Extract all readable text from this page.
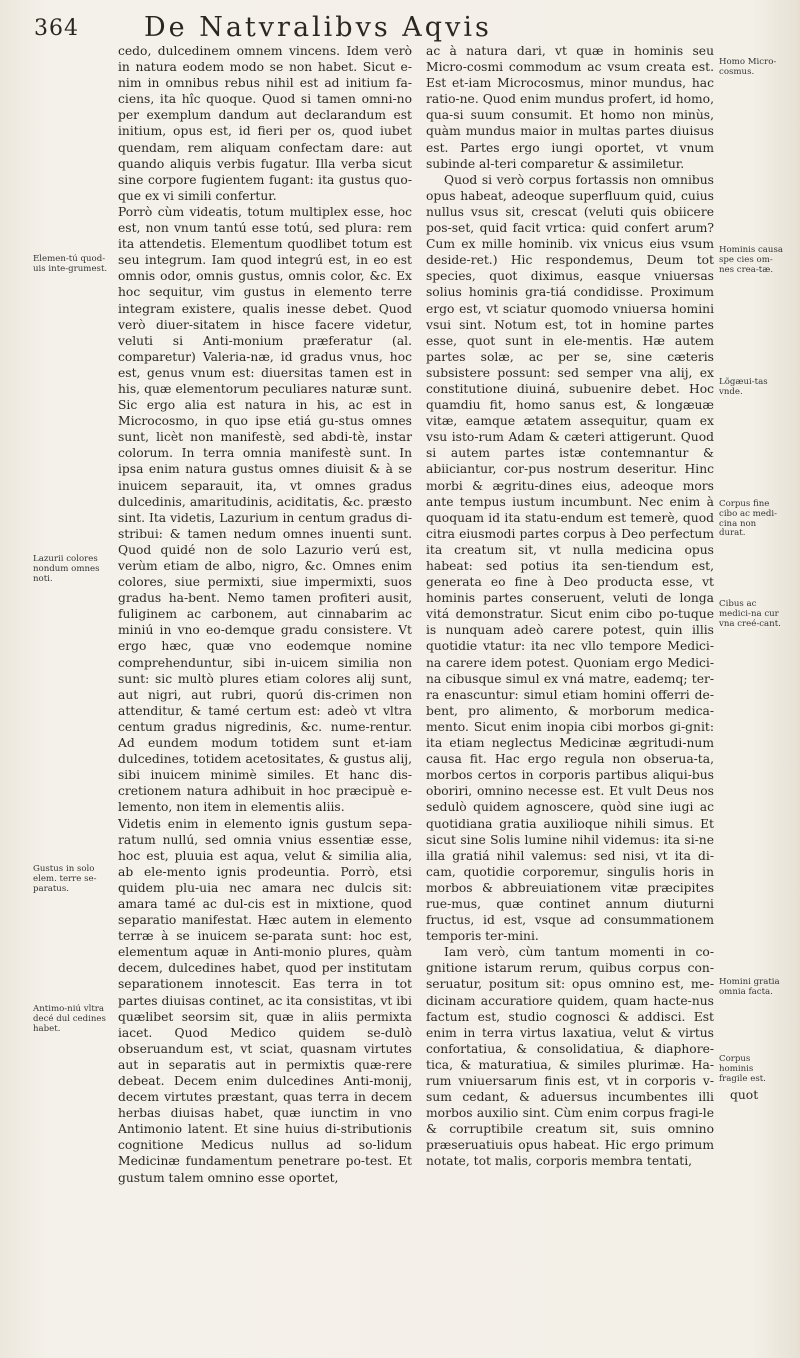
364 De Natvralibvs Aqvis

cedo, dulcedinem omnem vincens. Idem verò in natura eodem modo se non habet. Sicut e-nim in omnibus rebus nihil est ad initium fa-ciens, ita hîc quoque. Quod si tamen omni-no per exemplum dandum aut declarandum est initium, opus est, id fieri per os, quod iubet quendam, rem aliquam confectam dare: aut quando aliquis verbis fugatur. Illa verba sicut sine corpore fugientem fugant: ita gustus quo-que ex vi simili confertur.

Porrò cùm videatis, totum multiplex esse, hoc est, non vnum tantú esse totú, sed plura: rem ita attendetis. Elementum quodlibet totum est seu integrum. Iam quod integrú est, in eo est omnis odor, omnis gustus, omnis color, &c. Ex hoc sequitur, vim gustus in elemento terre integram existere, qualis inesse debet. Quod verò diuer-sitatem in hisce facere videtur, veluti si Anti-monium præferatur (al. comparetur) Valeria-næ, id gradus vnus, hoc est, genus vnum est: diuersitas tamen est in his, quæ elementorum peculiares naturæ sunt. Sic ergo alia est natura in his, ac est in Microcosmo, in quo ipse etiá gu-stus omnes sunt, licèt non manifestè, sed abdi-tè, instar colorum. In terra omnia manifestè sunt. In ipsa enim natura gustus omnes diuisit & à se inuicem separauit, ita, vt omnes gradus dulcedinis, amaritudinis, aciditatis, &c. præsto sint. Ita videtis, Lazurium in centum gradus di-stribui: & tamen nedum omnes inuenti sunt. Quod quidé non de solo Lazurio verú est, verùm etiam de albo, nigro, &c. Omnes enim colores, siue permixti, siue impermixti, suos gradus ha-bent. Nemo tamen profiteri ausit, fuliginem ac carbonem, aut cinnabarim ac miniú in vno eo-demque gradu consistere. Vt ergo hæc, quæ vno eodemque nomine comprehenduntur, sibi in-uicem similia non sunt: sic multò plures etiam colores alij sunt, aut nigri, aut rubri, quorú dis-crimen non attenditur, & tamé certum est: adeò vt vltra centum gradus nigredinis, &c. nume-rentur. Ad eundem modum totidem sunt et-iam dulcedines, totidem acetositates, & gustus alij, sibi inuicem minimè similes. Et hanc dis-cretionem natura adhibuit in hoc præcipuè e-lemento, non item in elementis aliis.

Videtis enim in elemento ignis gustum sepa-ratum nullú, sed omnia vnius essentiæ esse, hoc est, pluuia est aqua, velut & similia alia, ab ele-mento ignis prodeuntia. Porrò, etsi quidem plu-uia nec amara nec dulcis sit: amara tamé ac dul-cis est in mixtione, quod separatio manifestat. Hæc autem in elemento terræ à se inuicem se-parata sunt: hoc est, elementum aquæ in Anti-monio plures, quàm decem, dulcedines habet, quod per institutam separationem innotescit. Eas terra in tot partes diuisas continet, ac ita consistitas, vt ibi quælibet seorsim sit, quæ in aliis permixta iacet. Quod Medico quidem se-dulò obseruandum est, vt sciat, quasnam virtutes aut in separatis aut in permixtis quæ-rere debeat. Decem enim dulcedines Anti-monij, decem virtutes præstant, quas terra in decem herbas diuisas habet, quæ iunctim in vno Antimonio latent. Et sine huius di-stributionis cognitione Medicus nullus ad so-lidum Medicinæ fundamentum penetrare po-test. Et gustum talem omnino esse oportet,

ac à natura dari, vt quæ in hominis seu Micro-cosmi commodum ac vsum creata est. Est et-iam Microcosmus, minor mundus, hac ratio-ne. Quod enim mundus profert, id homo, qua-si suum consumit. Et homo non minùs, quàm mundus maior in multas partes diuisus est. Partes ergo iungi oportet, vt vnum subinde al-teri comparetur & assimiletur.

Quod si verò corpus fortassis non omnibus opus habeat, adeoque superfluum quid, cuius nullus vsus sit, crescat (veluti quis obiicere pos-set, quid facit vrtica: quid confert arum? Cum ex mille hominib. vix vnicus eius vsum deside-ret.) Hic respondemus, Deum tot species, quot diximus, easque vniuersas solius hominis gra-tiá condidisse. Proximum ergo est, vt sciatur quomodo vniuersa homini vsui sint. Notum est, tot in homine partes esse, quot sunt in ele-mentis. Hæ autem partes solæ, ac per se, sine cæteris subsistere possunt: sed semper vna alij, ex constitutione diuiná, subuenire debet. Hoc quamdiu fit, homo sanus est, & longæuæ vitæ, eamque ætatem assequitur, quam ex vsu isto-rum Adam & cæteri attigerunt. Quod si autem partes istæ contemnantur & abiiciantur, cor-pus nostrum deseritur. Hinc morbi & ægritu-dines eius, adeoque mors ante tempus iustum incumbunt. Nec enim à quoquam id ita statu-endum est temerè, quod citra eiusmodi partes corpus à Deo perfectum ita creatum sit, vt nulla medicina opus habeat: sed potius ita sen-tiendum est, generata eo fine à Deo producta esse, vt hominis partes conseruent, veluti de longa vitá demonstratur. Sicut enim cibo po-tuque is nunquam adeò carere potest, quin illis quotidie vtatur: ita nec vllo tempore Medici-na carere idem potest. Quoniam ergo Medici-na cibusque simul ex vná matre, eademq; ter-ra enascuntur: simul etiam homini offerri de-bent, pro alimento, & morborum medica-mento. Sicut enim inopia cibi morbos gi-gnit: ita etiam neglectus Medicinæ ægritudi-num causa fit. Hac ergo regula non obserua-ta, morbos certos in corporis partibus aliqui-bus oboriri, omnino necesse est. Et vult Deus nos sedulò quidem agnoscere, quòd sine iugi ac quotidiana gratia auxilioque nihili simus. Et sicut sine Solis lumine nihil videmus: ita si-ne illa gratiá nihil valemus: sed nisi, vt ita di-cam, quotidie corporemur, singulis horis in morbos & abbreuiationem vitæ præcipites rue-mus, quæ continet annum diuturni fructus, id est, vsque ad consummationem temporis ter-mini.

Iam verò, cùm tantum momenti in co-gnitione istarum rerum, quibus corpus con-seruatur, positum sit: opus omnino est, me-dicinam accuratiore quidem, quam hacte-nus factum est, studio cognosci & addisci. Est enim in terra virtus laxatiua, velut & virtus confortatiua, & consolidatiua, & diaphore-tica, & maturatiua, & similes plurimæ. Ha-rum vniuersarum finis est, vt in corporis v-sum cedant, & aduersus incumbentes illi morbos auxilio sint. Cùm enim corpus fragi-le & corruptibile creatum sit, suis omnino præseruatiuis opus habeat. Hic ergo primum notate, tot malis, corporis membra tentati,

Elemen-tú quod-uis inte-grumest.
Lazurii colores nondum omnes noti.
Gustus in solo elem. terre se-paratus.
Antimo-niú vltra decé dul cedines habet.
Homo Micro-cosmus.
Hominis causa spe cies om-nes crea-tæ.
Lõgæui-tas vnde.
Corpus fine cibo ac medi-cina non durat.
Cibus ac medici-na cur vna creé-cant.
Homini gratia omnia facta.
Corpus hominis fragile est.
quot
